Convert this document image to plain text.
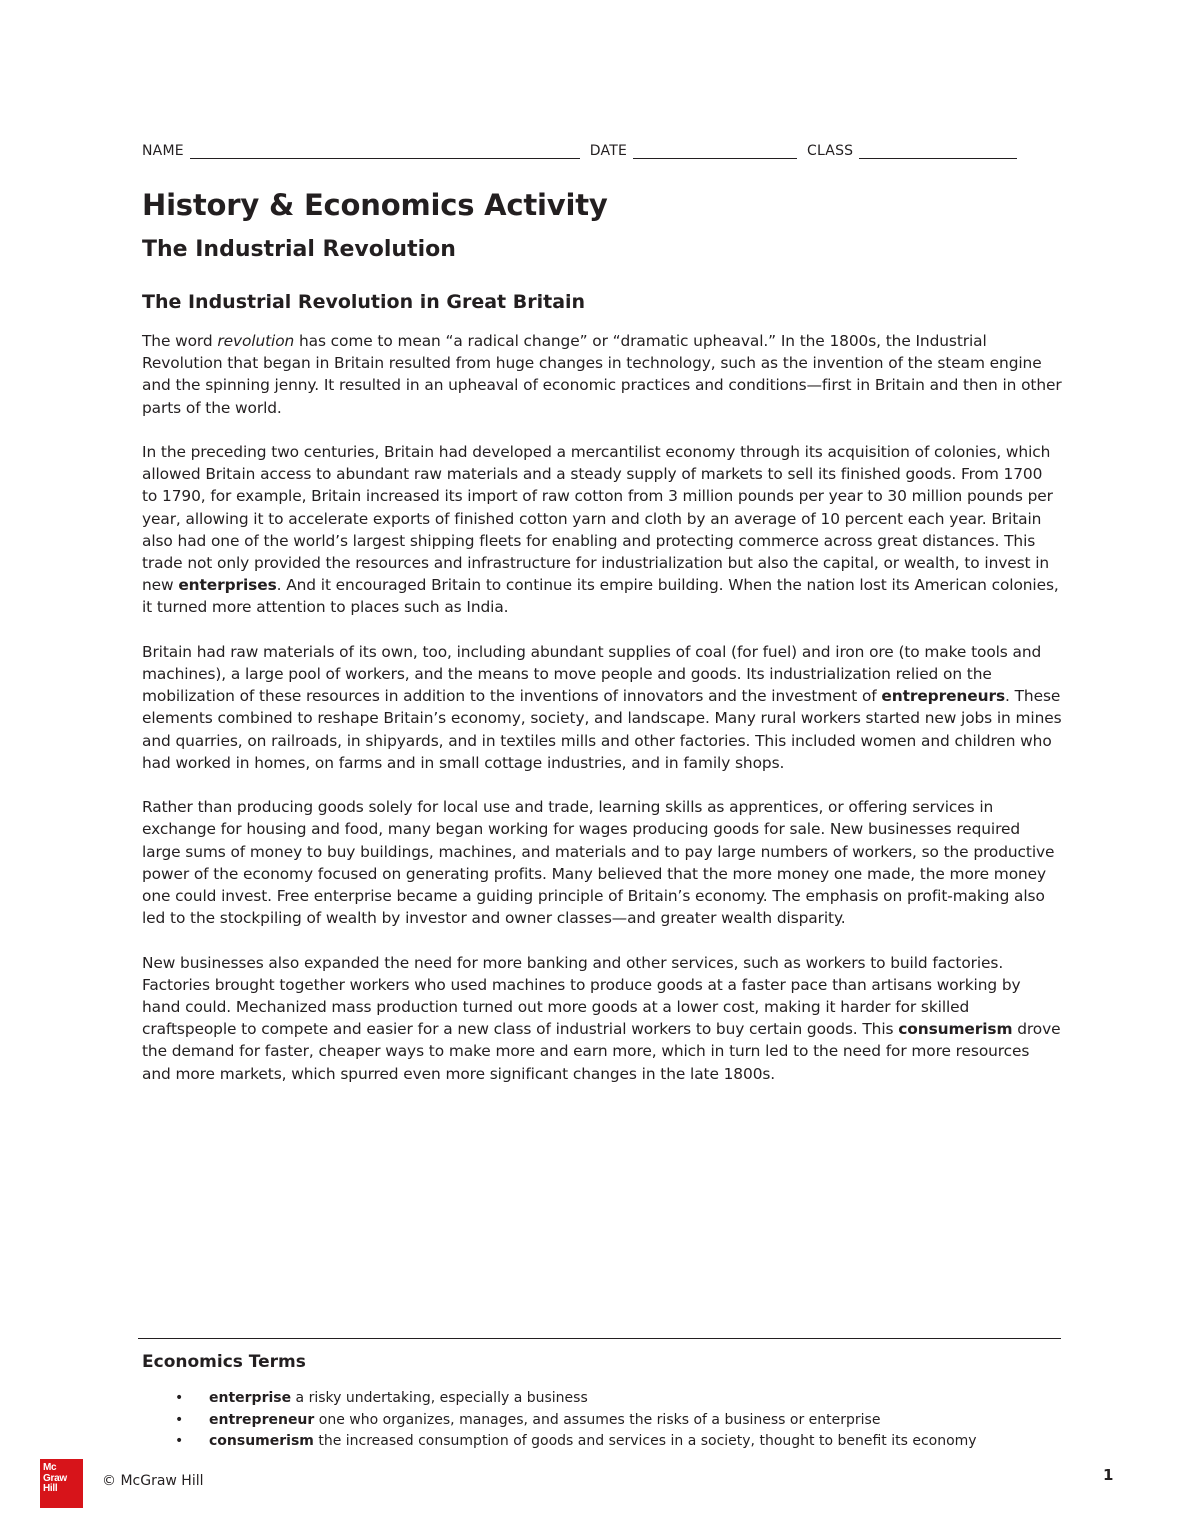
NAME	DATE	CLASS
History & Economics Activity
The Industrial Revolution
The Industrial Revolution in Great Britain

The word revolution has come to mean “a radical change” or “dramatic upheaval.” In the 1800s, the Industrial Revolution that began in Britain resulted from huge changes in technology, such as the invention of the steam engine and the spinning jenny. It resulted in an upheaval of economic practices and conditions—first in Britain and then in other parts of the world.

In the preceding two centuries, Britain had developed a mercantilist economy through its acquisition of colonies, which allowed Britain access to abundant raw materials and a steady supply of markets to sell its finished goods. From 1700 to 1790, for example, Britain increased its import of raw cotton from 3 million pounds per year to 30 million pounds per year, allowing it to accelerate exports of finished cotton yarn and cloth by an average of 10 percent each year. Britain also had one of the world’s largest shipping fleets for enabling and protecting commerce across great distances. This trade not only provided the resources and infrastructure for industrialization but also the capital, or wealth, to invest in new enterprises. And it encouraged Britain to continue its empire building. When the nation lost its American colonies, it turned more attention to places such as India.

Britain had raw materials of its own, too, including abundant supplies of coal (for fuel) and iron ore (to make tools and machines), a large pool of workers, and the means to move people and goods. Its industrialization relied on the mobilization of these resources in addition to the inventions of innovators and the investment of entrepreneurs. These elements combined to reshape Britain’s economy, society, and landscape. Many rural workers started new jobs in mines and quarries, on railroads, in shipyards, and in textiles mills and other factories. This included women and children who had worked in homes, on farms and in small cottage industries, and in family shops.

Rather than producing goods solely for local use and trade, learning skills as apprentices, or offering services in exchange for housing and food, many began working for wages producing goods for sale. New businesses required large sums of money to buy buildings, machines, and materials and to pay large numbers of workers, so the productive power of the economy focused on generating profits. Many believed that the more money one made, the more money one could invest. Free enterprise became a guiding principle of Britain’s economy. The emphasis on profit-making also led to the stockpiling of wealth by investor and owner classes—and greater wealth disparity.

New businesses also expanded the need for more banking and other services, such as workers to build factories. Factories brought together workers who used machines to produce goods at a faster pace than artisans working by hand could. Mechanized mass production turned out more goods at a lower cost, making it harder for skilled craftspeople to compete and easier for a new class of industrial workers to buy certain goods. This consumerism drove the demand for faster, cheaper ways to make more and earn more, which in turn led to the need for more resources and more markets, which spurred even more significant changes in the late 1800s.

Economics Terms
• enterprise a risky undertaking, especially a business
• entrepreneur one who organizes, manages, and assumes the risks of a business or enterprise
• consumerism the increased consumption of goods and services in a society, thought to benefit its economy
Mc
Graw
Hill	© McGraw Hill	1
